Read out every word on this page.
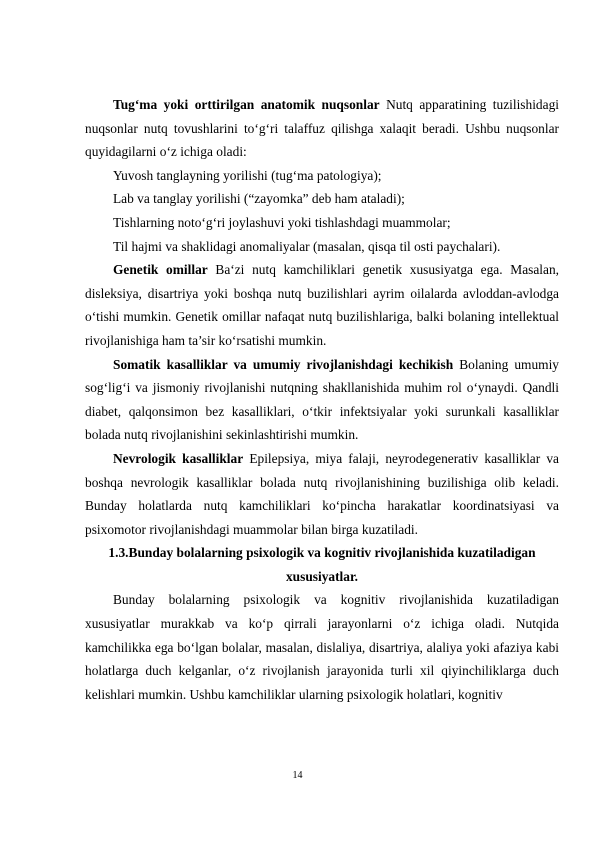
Tug‘ma yoki orttirilgan anatomik nuqsonlar Nutq apparatining tuzilishidagi nuqsonlar nutq tovushlarini to‘g‘ri talaffuz qilishga xalaqit beradi. Ushbu nuqsonlar quyidagilarni o‘z ichiga oladi:

Yuvosh tanglayning yorilishi (tug‘ma patologiya);

Lab va tanglay yorilishi (“zayomka” deb ham ataladi);

Tishlarning noto‘g‘ri joylashuvi yoki tishlashdagi muammolar;

Til hajmi va shaklidagi anomaliyalar (masalan, qisqa til osti paychalari).

Genetik omillar Ba‘zi nutq kamchiliklari genetik xususiyatga ega. Masalan, disleksiya, disartriya yoki boshqa nutq buzilishlari ayrim oilalarda avloddan-avlodga o‘tishi mumkin. Genetik omillar nafaqat nutq buzilishlariga, balki bolaning intellektual rivojlanishiga ham ta’sir ko‘rsatishi mumkin.

Somatik kasalliklar va umumiy rivojlanishdagi kechikish Bolaning umumiy sog‘lig‘i va jismoniy rivojlanishi nutqning shakllanishida muhim rol o‘ynaydi. Qandli diabet, qalqonsimon bez kasalliklari, o‘tkir infektsiyalar yoki surunkali kasalliklar bolada nutq rivojlanishini sekinlashtirishi mumkin.

Nevrologik kasalliklar Epilepsiya, miya falaji, neyrodegenerativ kasalliklar va boshqa nevrologik kasalliklar bolada nutq rivojlanishining buzilishiga olib keladi. Bunday holatlarda nutq kamchiliklari ko‘pincha harakatlar koordinatsiyasi va psixomotor rivojlanishdagi muammolar bilan birga kuzatiladi.

1.3.Bunday bolalarning psixologik va kognitiv rivojlanishida kuzatiladigan

xususiyatlar.

Bunday bolalarning psixologik va kognitiv rivojlanishida kuzatiladigan xususiyatlar murakkab va ko‘p qirrali jarayonlarni o‘z ichiga oladi. Nutqida kamchilikka ega bo‘lgan bolalar, masalan, dislaliya, disartriya, alaliya yoki afaziya kabi holatlarga duch kelganlar, o‘z rivojlanish jarayonida turli xil qiyinchiliklarga duch kelishlari mumkin. Ushbu kamchiliklar ularning psixologik holatlari, kognitiv

14
